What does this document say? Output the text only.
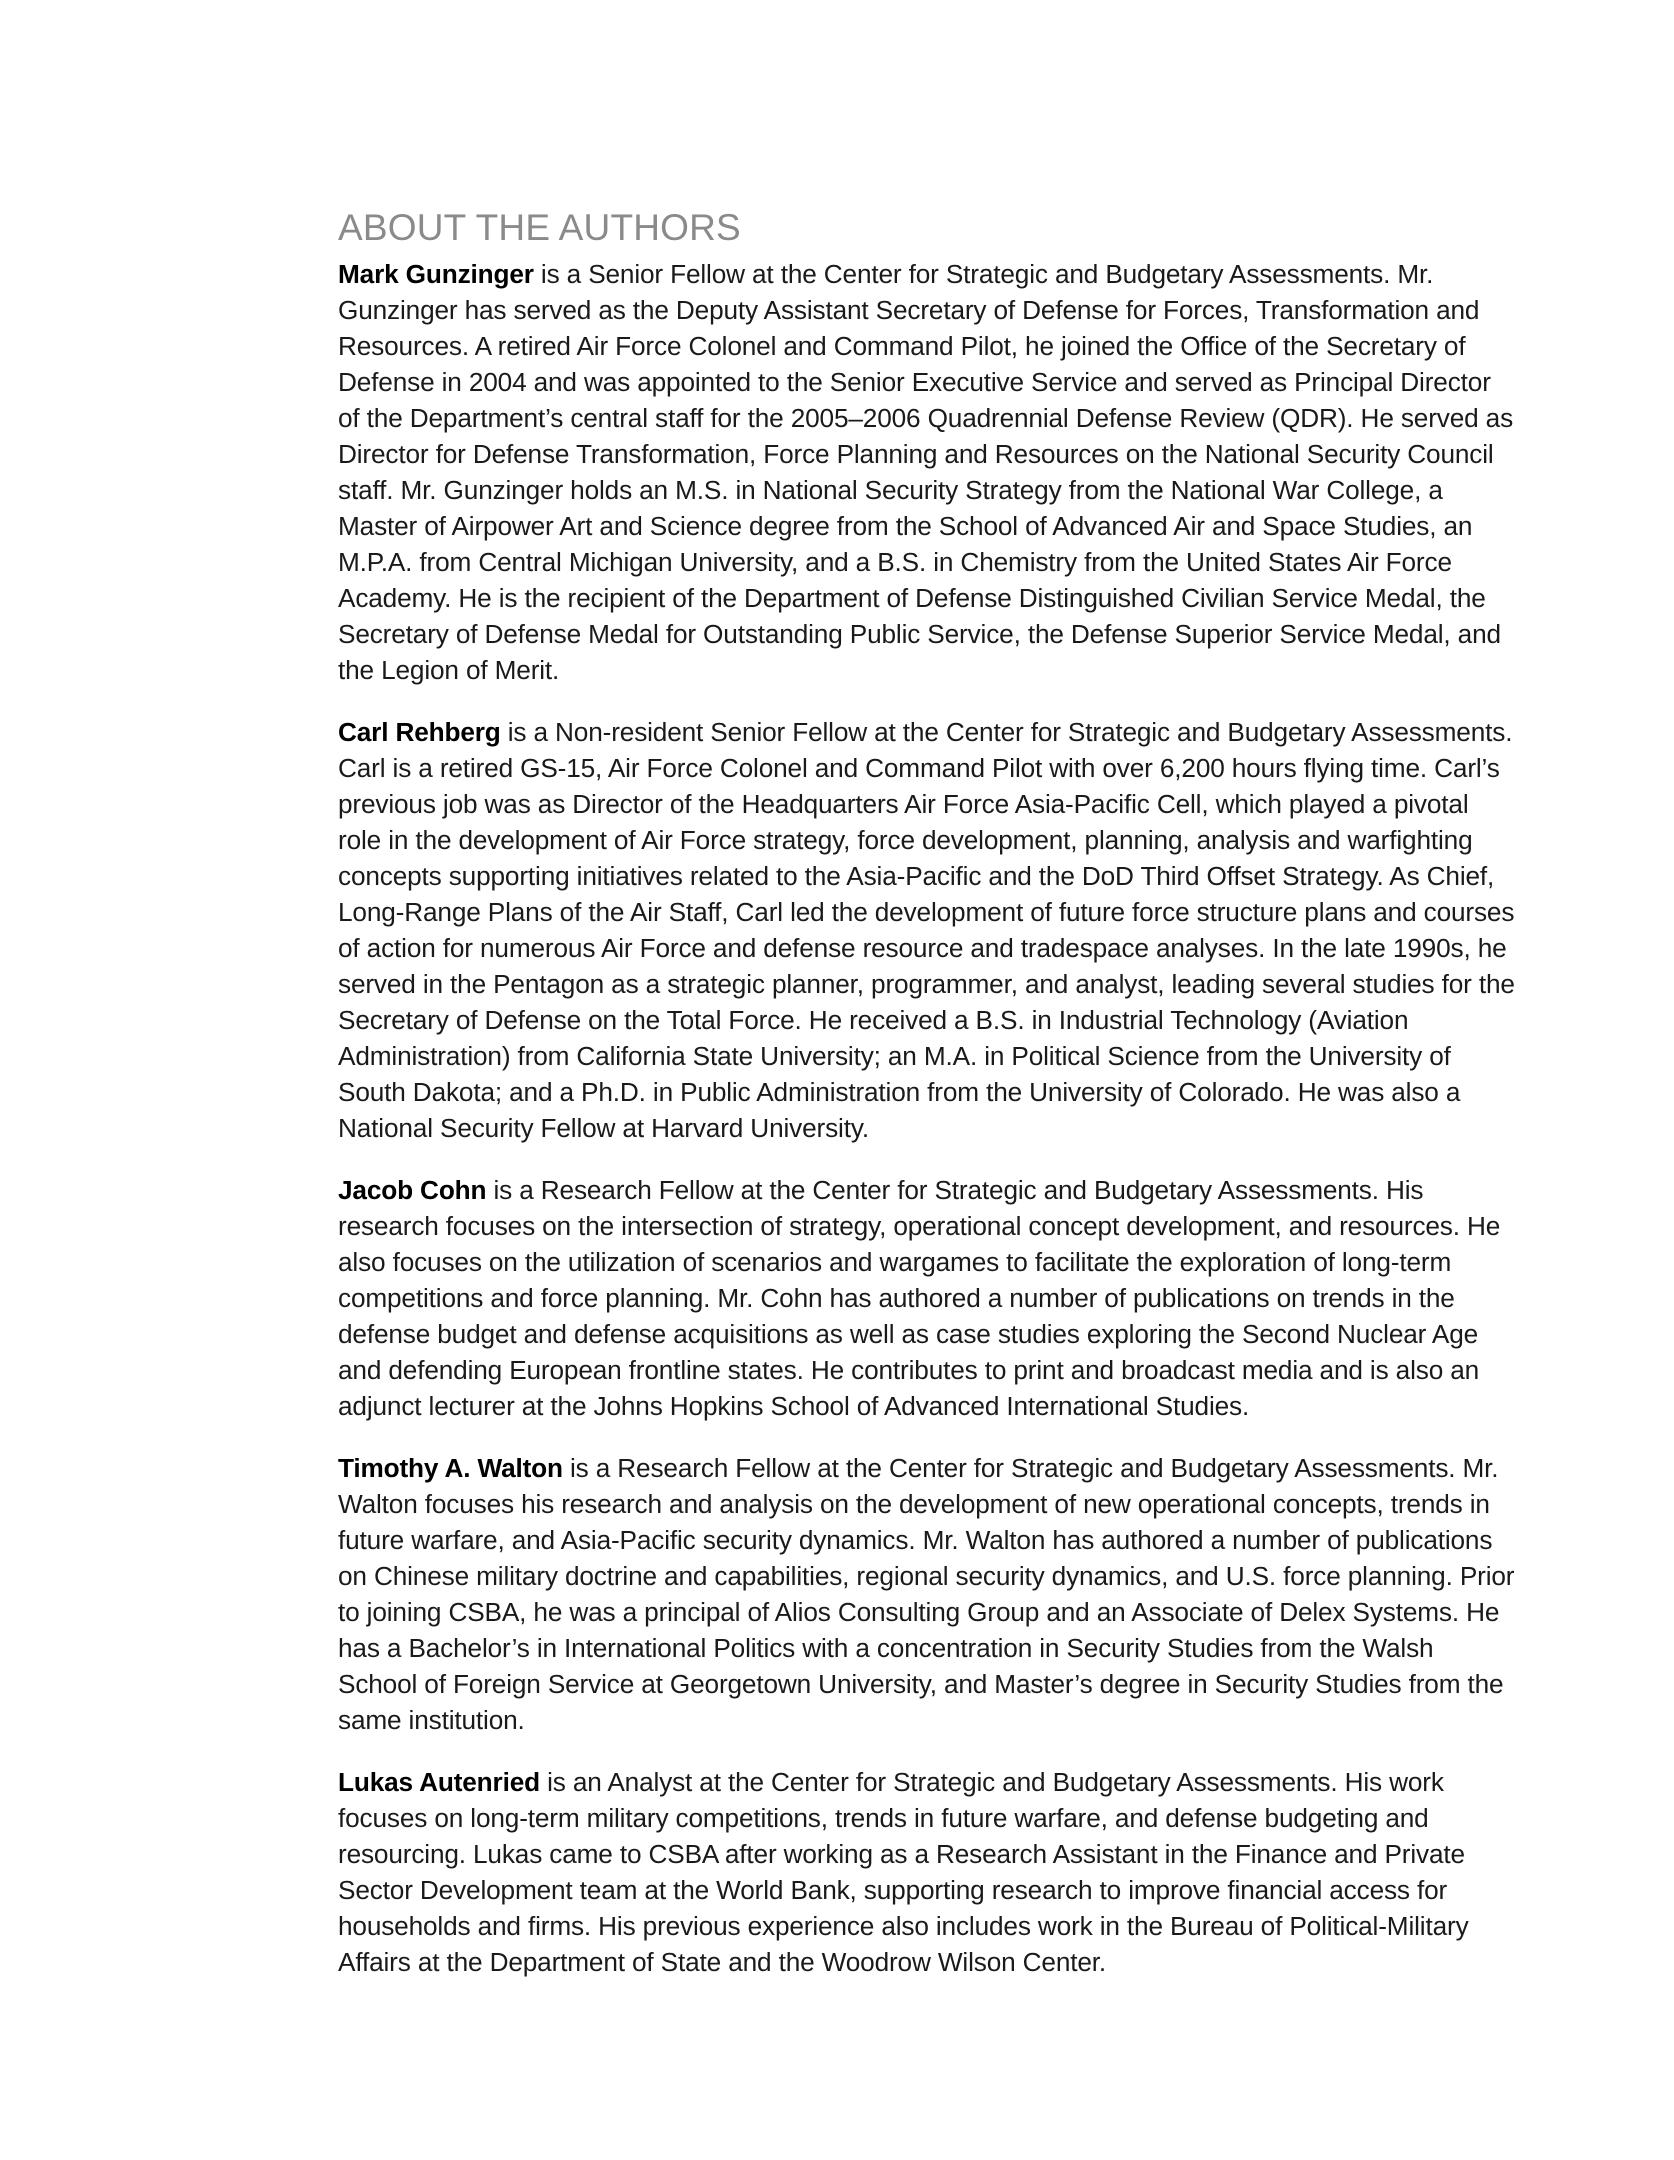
ABOUT THE AUTHORS

Mark Gunzinger is a Senior Fellow at the Center for Strategic and Budgetary Assessments. Mr. Gunzinger has served as the Deputy Assistant Secretary of Defense for Forces, Transformation and Resources. A retired Air Force Colonel and Command Pilot, he joined the Office of the Secretary of Defense in 2004 and was appointed to the Senior Executive Service and served as Principal Director of the Department’s central staff for the 2005–2006 Quadrennial Defense Review (QDR). He served as Director for Defense Transformation, Force Planning and Resources on the National Security Council staff. Mr. Gunzinger holds an M.S. in National Security Strategy from the National War College, a Master of Airpower Art and Science degree from the School of Advanced Air and Space Studies, an M.P.A. from Central Michigan University, and a B.S. in Chemistry from the United States Air Force Academy. He is the recipient of the Department of Defense Distinguished Civilian Service Medal, the Secretary of Defense Medal for Outstanding Public Service, the Defense Superior Service Medal, and the Legion of Merit.

Carl Rehberg is a Non-resident Senior Fellow at the Center for Strategic and Budgetary Assessments. Carl is a retired GS-15, Air Force Colonel and Command Pilot with over 6,200 hours flying time. Carl’s previous job was as Director of the Headquarters Air Force Asia-Pacific Cell, which played a pivotal role in the development of Air Force strategy, force development, planning, analysis and warfighting concepts supporting initiatives related to the Asia-Pacific and the DoD Third Offset Strategy. As Chief, Long-Range Plans of the Air Staff, Carl led the development of future force structure plans and courses of action for numerous Air Force and defense resource and tradespace analyses. In the late 1990s, he served in the Pentagon as a strategic planner, programmer, and analyst, leading several studies for the Secretary of Defense on the Total Force. He received a B.S. in Industrial Technology (Aviation Administration) from California State University; an M.A. in Political Science from the University of South Dakota; and a Ph.D. in Public Administration from the University of Colorado. He was also a National Security Fellow at Harvard University.

Jacob Cohn is a Research Fellow at the Center for Strategic and Budgetary Assessments. His research focuses on the intersection of strategy, operational concept development, and resources. He also focuses on the utilization of scenarios and wargames to facilitate the exploration of long-term competitions and force planning. Mr. Cohn has authored a number of publications on trends in the defense budget and defense acquisitions as well as case studies exploring the Second Nuclear Age and defending European frontline states. He contributes to print and broadcast media and is also an adjunct lecturer at the Johns Hopkins School of Advanced International Studies.

Timothy A. Walton is a Research Fellow at the Center for Strategic and Budgetary Assessments. Mr. Walton focuses his research and analysis on the development of new operational concepts, trends in future warfare, and Asia-Pacific security dynamics. Mr. Walton has authored a number of publications on Chinese military doctrine and capabilities, regional security dynamics, and U.S. force planning. Prior to joining CSBA, he was a principal of Alios Consulting Group and an Associate of Delex Systems. He has a Bachelor’s in International Politics with a concentration in Security Studies from the Walsh School of Foreign Service at Georgetown University, and Master’s degree in Security Studies from the same institution.

Lukas Autenried is an Analyst at the Center for Strategic and Budgetary Assessments. His work focuses on long-term military competitions, trends in future warfare, and defense budgeting and resourcing. Lukas came to CSBA after working as a Research Assistant in the Finance and Private Sector Development team at the World Bank, supporting research to improve financial access for households and firms. His previous experience also includes work in the Bureau of Political-Military Affairs at the Department of State and the Woodrow Wilson Center.
